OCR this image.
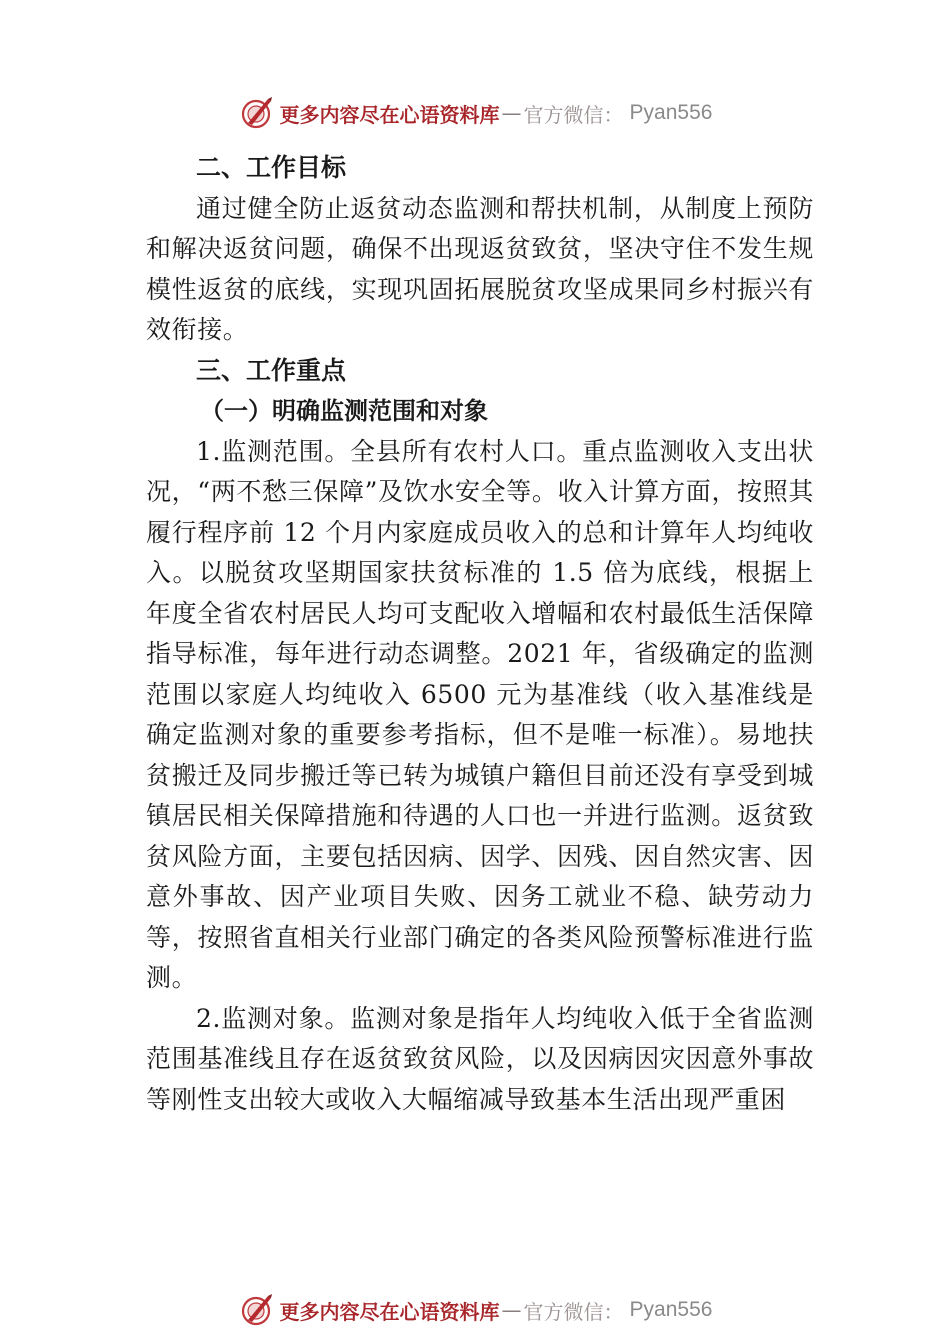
更多内容尽在心语资料库 — 官方微信 ： Pyan556

二、工作目标

通过健全防止返贫动态监测和帮扶机制，从制度上预防和解决返贫问题，确保不出现返贫致贫，坚决守住不发生规模性返贫的底线，实现巩固拓展脱贫攻坚成果同乡村振兴有效衔接。

三、工作重点

（一）明确监测范围和对象

1.监测范围。全县所有农村人口。重点监测收入支出状况，“两不愁三保障”及饮水安全等。收入计算方面，按照其履行程序前 12 个月内家庭成员收入的总和计算年人均纯收入。以脱贫攻坚期国家扶贫标准的 1.5 倍为底线，根据上年度全省农村居民人均可支配收入增幅和农村最低生活保障指导标准，每年进行动态调整。2021 年，省级确定的监测范围以家庭人均纯收入 6500 元为基准线（收入基准线是确定监测对象的重要参考指标，但不是唯一标准）。易地扶贫搬迁及同步搬迁等已转为城镇户籍但目前还没有享受到城镇居民相关保障措施和待遇的人口也一并进行监测。返贫致贫风险方面，主要包括因病、因学、因残、因自然灾害、因意外事故、因产业项目失败、因务工就业不稳、缺劳动力等，按照省直相关行业部门确定的各类风险预警标准进行监测。

2.监测对象。监测对象是指年人均纯收入低于全省监测范围基准线且存在返贫致贫风险，以及因病因灾因意外事故等刚性支出较大或收入大幅缩减导致基本生活出现严重困

更多内容尽在心语资料库 — 官方微信 ： Pyan556
